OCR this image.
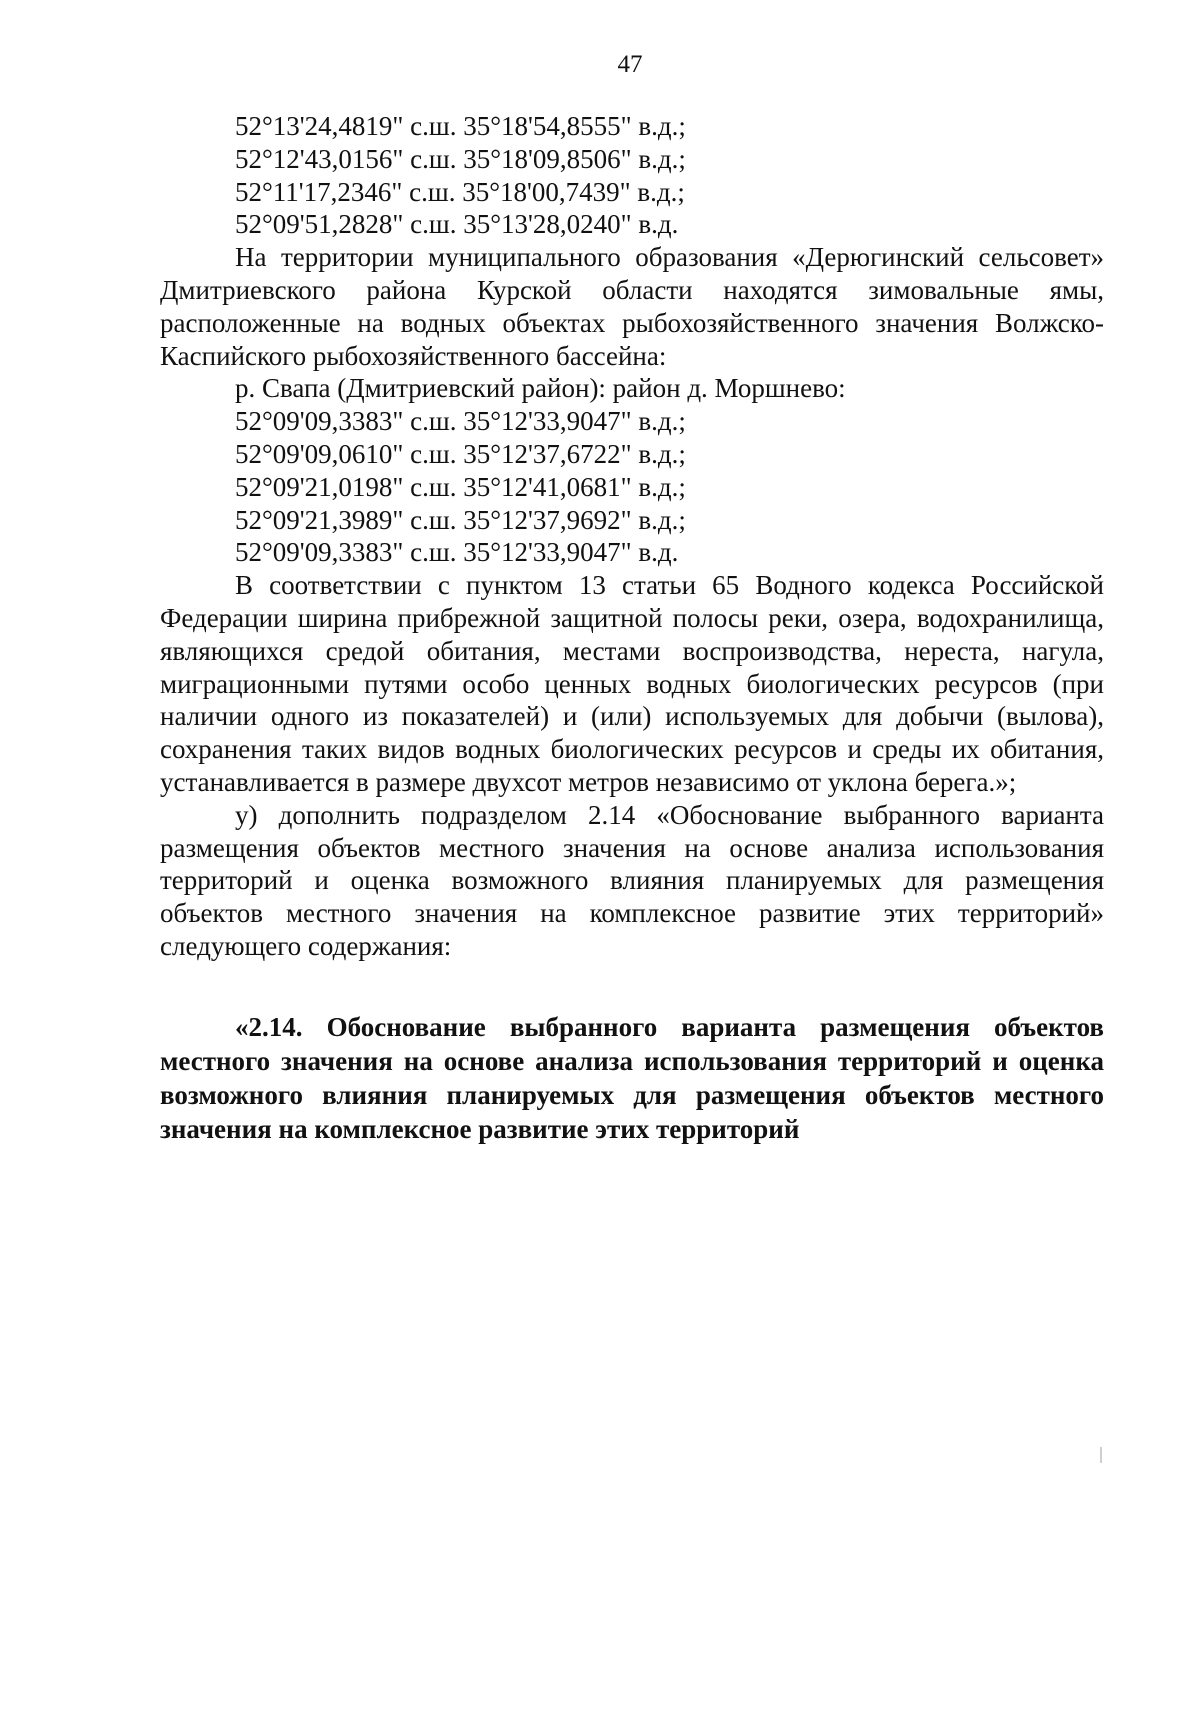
47

52°13'24,4819" с.ш. 35°18'54,8555" в.д.;

52°12'43,0156" с.ш. 35°18'09,8506" в.д.;

52°11'17,2346" с.ш. 35°18'00,7439" в.д.;

52°09'51,2828" с.ш. 35°13'28,0240" в.д.

На территории муниципального образования «Дерюгинский сельсовет» Дмитриевского района Курской области находятся зимовальные ямы, расположенные на водных объектах рыбохозяйственного значения Волжско-Каспийского рыбохозяйственного бассейна:

р. Свапа (Дмитриевский район): район д. Моршнево:

52°09'09,3383" с.ш. 35°12'33,9047" в.д.;

52°09'09,0610" с.ш. 35°12'37,6722" в.д.;

52°09'21,0198" с.ш. 35°12'41,0681" в.д.;

52°09'21,3989" с.ш. 35°12'37,9692" в.д.;

52°09'09,3383" с.ш. 35°12'33,9047" в.д.

В соответствии с пунктом 13 статьи 65 Водного кодекса Российской Федерации ширина прибрежной защитной полосы реки, озера, водохранилища, являющихся средой обитания, местами воспроизводства, нереста, нагула, миграционными путями особо ценных водных биологических ресурсов (при наличии одного из показателей) и (или) используемых для добычи (вылова), сохранения таких видов водных биологических ресурсов и среды их обитания, устанавливается в размере двухсот метров независимо от уклона берега.»;

у) дополнить подразделом 2.14 «Обоснование выбранного варианта размещения объектов местного значения на основе анализа использования территорий и оценка возможного влияния планируемых для размещения объектов местного значения на комплексное развитие этих территорий» следующего содержания:

«2.14. Обоснование выбранного варианта размещения объектов местного значения на основе анализа использования территорий и оценка возможного влияния планируемых для размещения объектов местного значения на комплексное развитие этих территорий
